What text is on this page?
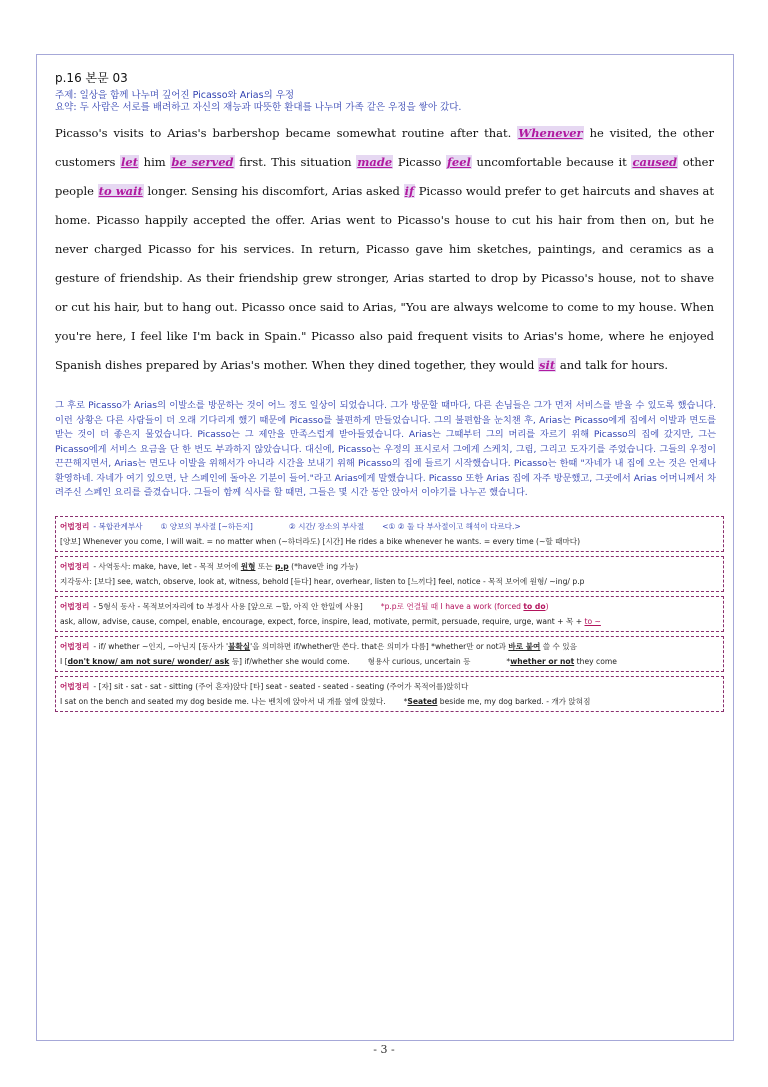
p.16 본문 03
주제: 일상을 함께 나누며 깊어진 Picasso와 Arias의 우정
요약: 두 사람은 서로를 배려하고 자신의 재능과 따뜻한 환대를 나누며 가족 같은 우정을 쌓아 갔다.
Picasso's visits to Arias's barbershop became somewhat routine after that. Whenever he visited, the other customers let him be served first. This situation made Picasso feel uncomfortable because it caused other people to wait longer. Sensing his discomfort, Arias asked if Picasso would prefer to get haircuts and shaves at home. Picasso happily accepted the offer. Arias went to Picasso's house to cut his hair from then on, but he never charged Picasso for his services. In return, Picasso gave him sketches, paintings, and ceramics as a gesture of friendship. As their friendship grew stronger, Arias started to drop by Picasso's house, not to shave or cut his hair, but to hang out. Picasso once said to Arias, "You are always welcome to come to my house. When you're here, I feel like I'm back in Spain." Picasso also paid frequent visits to Arias's home, where he enjoyed Spanish dishes prepared by Arias's mother. When they dined together, they would sit and talk for hours.
그 후로 Picasso가 Arias의 이발소를 방문하는 것이 어느 정도 일상이 되었습니다. 그가 방문할 때마다, 다른 손님들은 그가 먼저 서비스를 받을 수 있도록 했습니다. 이런 상황은 다른 사람들이 더 오래 기다리게 했기 때문에 Picasso를 불편하게 만들었습니다. 그의 불편함을 눈치챈 후, Arias는 Picasso에게 집에서 이발과 면도를 받는 것이 더 좋은지 물었습니다. Picasso는 그 제안을 만족스럽게 받아들였습니다. Arias는 그때부터 그의 머리를 자르기 위해 Picasso의 집에 갔지만, 그는 Picasso에게 서비스 요금을 단 한 번도 부과하지 않았습니다. 대신에, Picasso는 우정의 표시로서 그에게 스케치, 그림, 그리고 도자기를 주었습니다. 그들의 우정이 끈끈해지면서, Arias는 면도나 이발을 위해서가 아니라 시간을 보내기 위해 Picasso의 집에 들르기 시작했습니다. Picasso는 한때 "자네가 내 집에 오는 것은 언제나 환영하네. 자네가 여기 있으면, 난 스페인에 돌아온 기분이 들어."라고 Arias에게 말했습니다. Picasso 또한 Arias 집에 자주 방문했고, 그곳에서 Arias 어머니께서 차려주신 스페인 요리를 즐겼습니다. 그들이 함께 식사를 할 때면, 그들은 몇 시간 동안 앉아서 이야기를 나누곤 했습니다.
어법정리 - 복합관계부사 ① 양보의 부사절 [~하든지]	② 시간/ 장소의 부사절 <① ② 둘 다 부사절이고 해석이 다르다.>
[양보] Whenever you come, I will wait. = no matter when (~하더라도) [시간] He rides a bike whenever he wants. = every time (~할 때마다)
어법정리 - 사역동사: make, have, let - 목적 보어에 원형 또는 p.p (*have만 ing 가능)
지각동사: [보다] see, watch, observe, look at, witness, behold [듣다] hear, overhear, listen to [느끼다] feel, notice - 목적 보어에 원형/ ~ing/ p.p
어법정리 - 5형식 동사 - 목적보어자리에 to 부정사 사용 [앞으로 ~할, 아직 안 한일에 사용] *p.p로 연결될 때 I have a work (forced to do)
ask, allow, advise, cause, compel, enable, encourage, expect, force, inspire, lead, motivate, permit, persuade, require, urge, want + 목 + to ~
어법정리 - if/ whether ~인지, ~아닌지 [동사가 '불확실'을 의미하면 if/whether만 쓴다. that은 의미가 다름] *whether만 or not과 바로 붙여 쓸 수 있음
I [don't know/ am not sure/ wonder/ ask 등] if/whether she would come. 형용사 curious, uncertain 등	*whether or not they come
어법정리 - [자] sit - sat - sat - sitting (주어 혼자)앉다 [타] seat - seated - seated - seating (주어가 목적어를)앉히다
I sat on the bench and seated my dog beside me. 나는 벤치에 앉아서 내 개를 옆에 앉혔다. *Seated beside me, my dog barked. - 개가 앉혀짐
- 3 -
